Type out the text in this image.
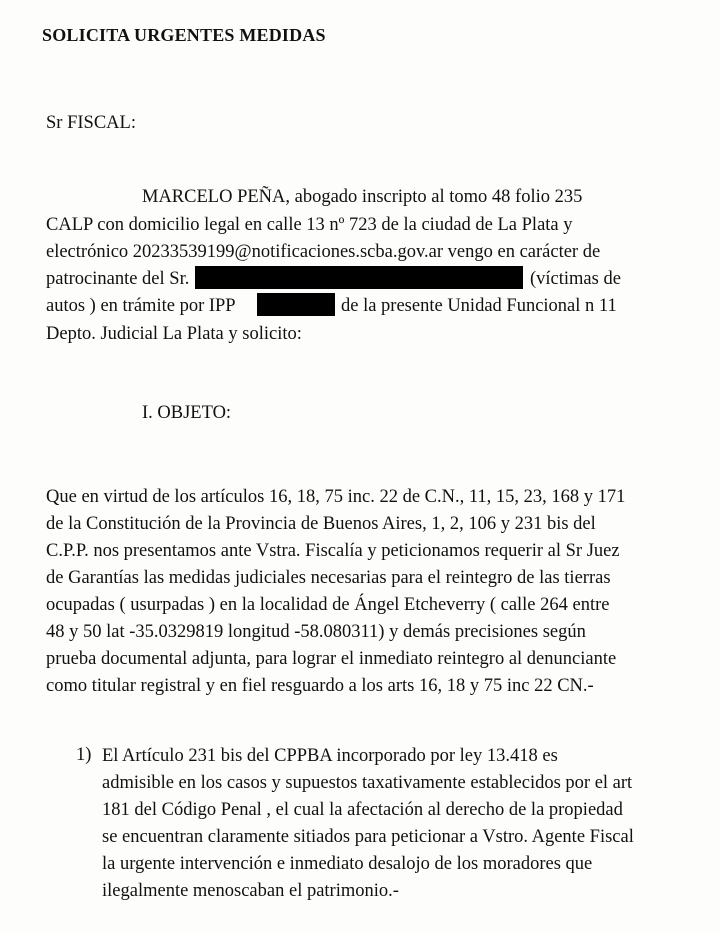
SOLICITA URGENTES MEDIDAS
Sr FISCAL:
MARCELO PEÑA, abogado inscripto al tomo 48 folio 235
CALP con domicilio legal en calle 13 nº 723 de la ciudad de La Plata y
electrónico 20233539199@notificaciones.scba.gov.ar vengo en carácter de
patrocinante del Sr.	(víctimas de
autos ) en trámite por IPP	de la presente Unidad Funcional n 11
Depto. Judicial La Plata y solicito:
I. OBJETO:
Que en virtud de los artículos 16, 18, 75 inc. 22 de C.N., 11, 15, 23, 168 y 171
de la Constitución de la Provincia de Buenos Aires, 1, 2, 106 y 231 bis del
C.P.P. nos presentamos ante Vstra. Fiscalía y peticionamos requerir al Sr Juez
de Garantías las medidas judiciales necesarias para el reintegro de las tierras
ocupadas ( usurpadas ) en la localidad de Ángel Etcheverry ( calle 264 entre
48 y 50 lat -35.0329819 longitud -58.080311) y demás precisiones según
prueba documental adjunta, para lograr el inmediato reintegro al denunciante
como titular registral y en fiel resguardo a los arts 16, 18 y 75 inc 22 CN.-
1) El Artículo 231 bis del CPPBA incorporado por ley 13.418 es
admisible en los casos y supuestos taxativamente establecidos por el art
181 del Código Penal , el cual la afectación al derecho de la propiedad
se encuentran claramente sitiados para peticionar a Vstro. Agente Fiscal
la urgente intervención e inmediato desalojo de los moradores que
ilegalmente menoscaban el patrimonio.-
